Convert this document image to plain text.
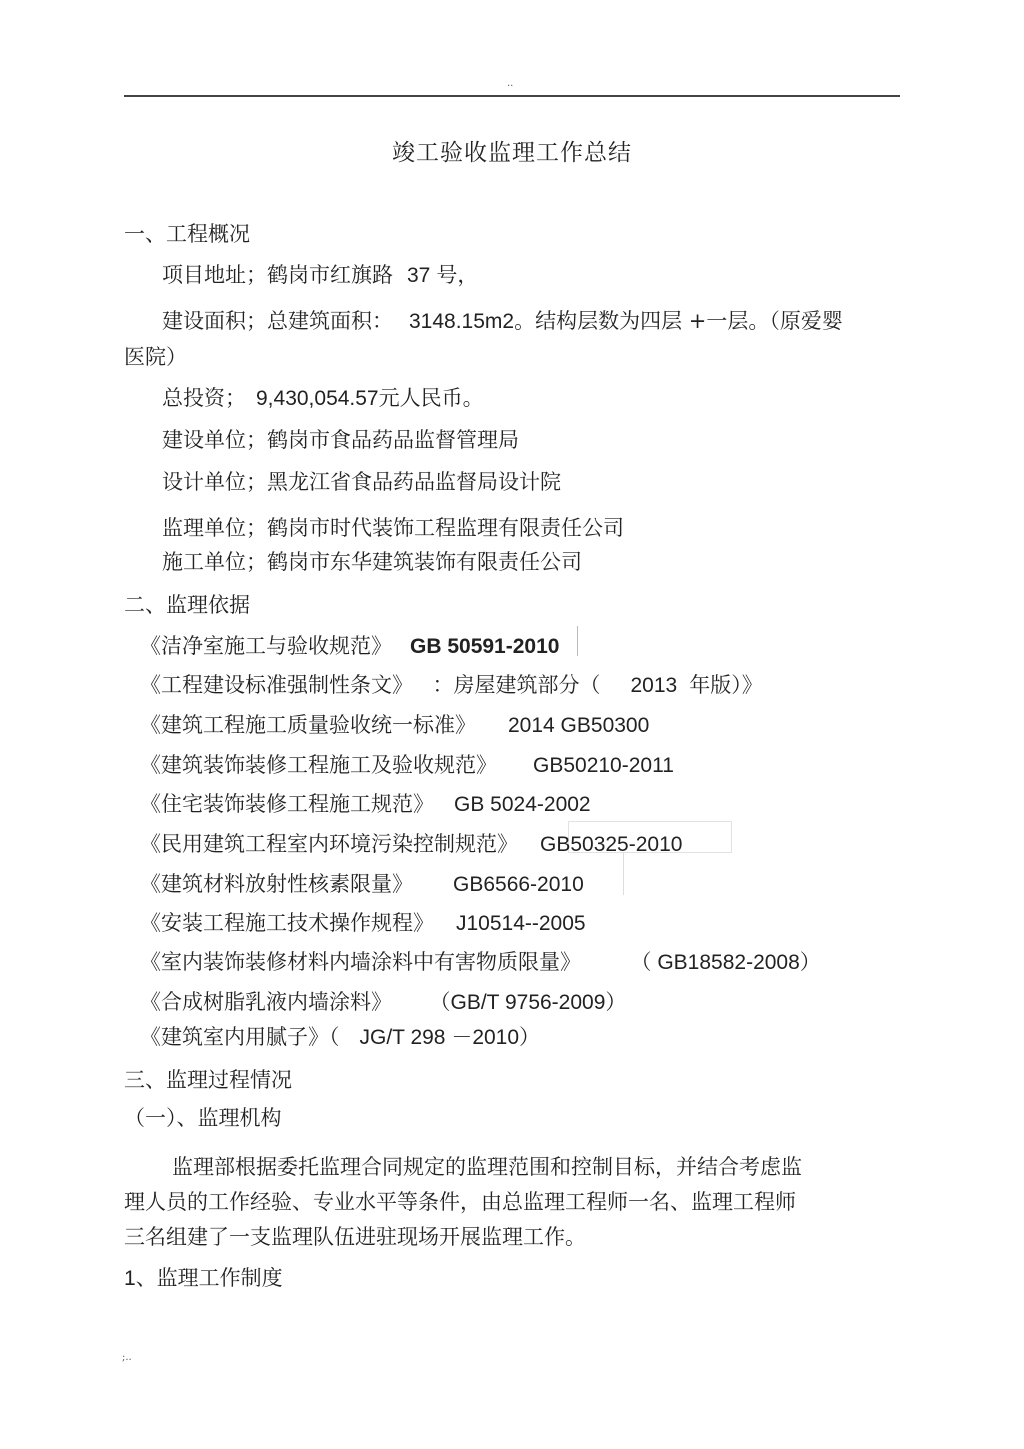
..
竣工验收监理工作总结
一、工程概况
项目地址；鹤岗市红旗路 37 号，
建设面积；总建筑面积： 3148.15m2。结构层数为四层 +一层。（原爱婴
医院）
总投资； 9,430,054.57元人民币。
建设单位；鹤岗市食品药品监督管理局
设计单位；黑龙江省食品药品监督局设计院
监理单位；鹤岗市时代装饰工程监理有限责任公司
施工单位；鹤岗市东华建筑装饰有限责任公司
二、监理依据
《洁净室施工与验收规范》 GB 50591-2010
《工程建设标准强制性条文》 ：房屋建筑部分（ 2013 年版）》
《建筑工程施工质量验收统一标准》 2014 GB50300
《建筑装饰装修工程施工及验收规范》 GB50210-2011
《住宅装饰装修工程施工规范》 GB 5024-2002
《民用建筑工程室内环境污染控制规范》 GB50325-2010
《建筑材料放射性核素限量》 GB6566-2010
《安装工程施工技术操作规程》 J10514--2005
《室内装饰装修材料内墙涂料中有害物质限量》	（ GB18582-2008）
《合成树脂乳液内墙涂料》 （GB/T 9756-2009）
《建筑室内用腻子》（ JG/T 298 －2010）
三、监理过程情况
（一）、监理机构
监理部根据委托监理合同规定的监理范围和控制目标，并结合考虑监
理人员的工作经验、专业水平等条件，由总监理工程师一名、监理工程师
三名组建了一支监理队伍进驻现场开展监理工作。
1、监理工作制度
;..
